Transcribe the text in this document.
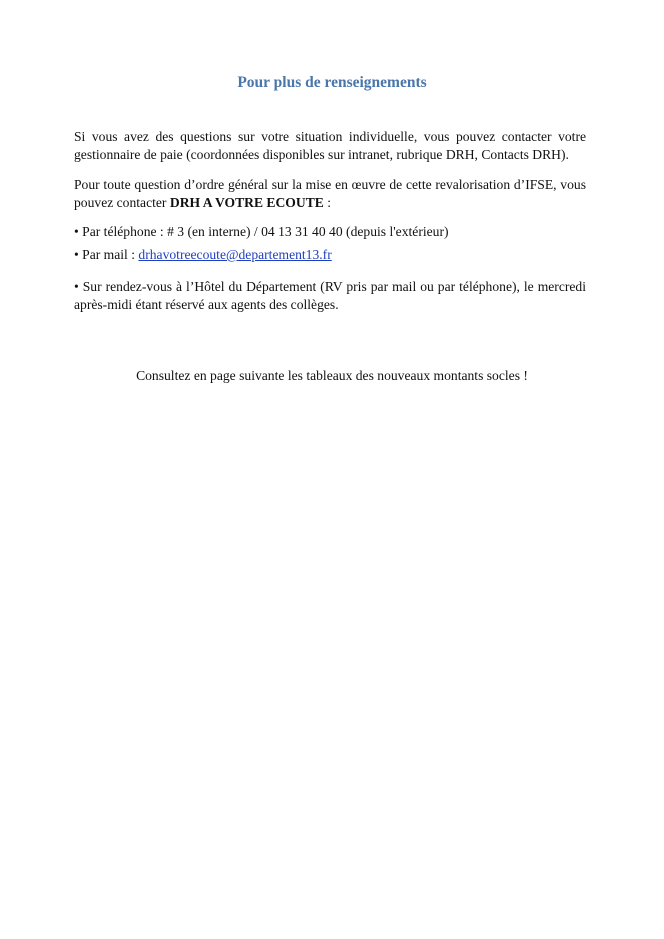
Pour plus de renseignements
Si vous avez des questions sur votre situation individuelle, vous pouvez contacter votre gestionnaire de paie (coordonnées disponibles sur intranet, rubrique DRH, Contacts DRH).
Pour toute question d’ordre général sur la mise en œuvre de cette revalorisation d’IFSE, vous pouvez contacter DRH A VOTRE ECOUTE :
• Par téléphone : # 3 (en interne) / 04 13 31 40 40 (depuis l'extérieur)
• Par mail : drhavotreecoute@departement13.fr
• Sur rendez-vous à l’Hôtel du Département (RV pris par mail ou par téléphone), le mercredi après-midi étant réservé aux agents des collèges.
Consultez en page suivante les tableaux des nouveaux montants socles !
